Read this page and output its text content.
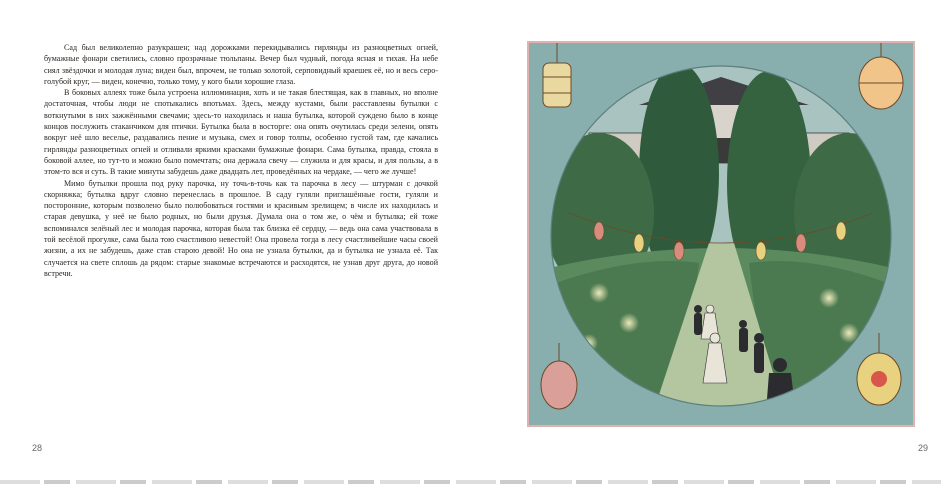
Сад был великолепно разукрашен; над дорожками перекидывались гирлянды из разноцветных огней, бумажные фонари светились, словно прозрачные тюльпаны. Вечер был чудный, погода ясная и тихая. На небе сиял звёздочки и молодая луна; виден был, впрочем, не только золотой, серповидный краешек её, но и весь серо-голубой круг, — виден, конечно, только тому, у кого были хорошие глаза.

В боковых аллеях тоже была устроена иллюминация, хоть и не такая блестящая, как в главных, но вполне достаточная, чтобы люди не спотыкались впотьмах. Здесь, между кустами, были расставлены бутылки с воткнутыми в них зажжёнными свечами; здесь-то находилась и наша бутылка, которой суждено было в конце концов послужить стаканчиком для птички. Бутылка была в восторге: она опять очутилась среди зелени, опять вокруг неё шло веселье, раздавались пение и музыка, смех и говор толпы, особенно густой там, где качались гирлянды разноцветных огней и отливали яркими красками бумажные фонари. Сама бутылка, правда, стояла в боковой аллее, но тут-то и можно было помечтать; она держала свечу — служила и для красы, и для пользы, а в этом-то вся и суть. В такие минуты забудешь даже двадцать лет, проведённых на чердаке, — чего же лучше!

Мимо бутылки прошла под руку парочка, ну точь-в-точь как та парочка в лесу — штурман с дочкой скорняжка; бутылка вдруг словно перенеслась в прошлое. В саду гуляли приглашённые гости, гуляли и посторонние, которым позволено было полюбоваться гостями и красивым зрелищем; в числе их находилась и старая девушка, у неё не было родных, но были друзья. Думала она о том же, о чём и бутылка; ей тоже вспоминался зелёный лес и молодая парочка, которая была так близка её сердцу, — ведь она сама участвовала в той весёлой прогулке, сама была тою счастливою невестой! Она провела тогда в лесу счастливейшие часы своей жизни, а их не забудешь, даже став старою девой! Но она не узнала бутылки, да и бутылка не узнала её. Так случается на свете сплошь да рядом: старые знакомые встречаются и расходятся, не узнав друг друга, до новой встречи.

28	29
